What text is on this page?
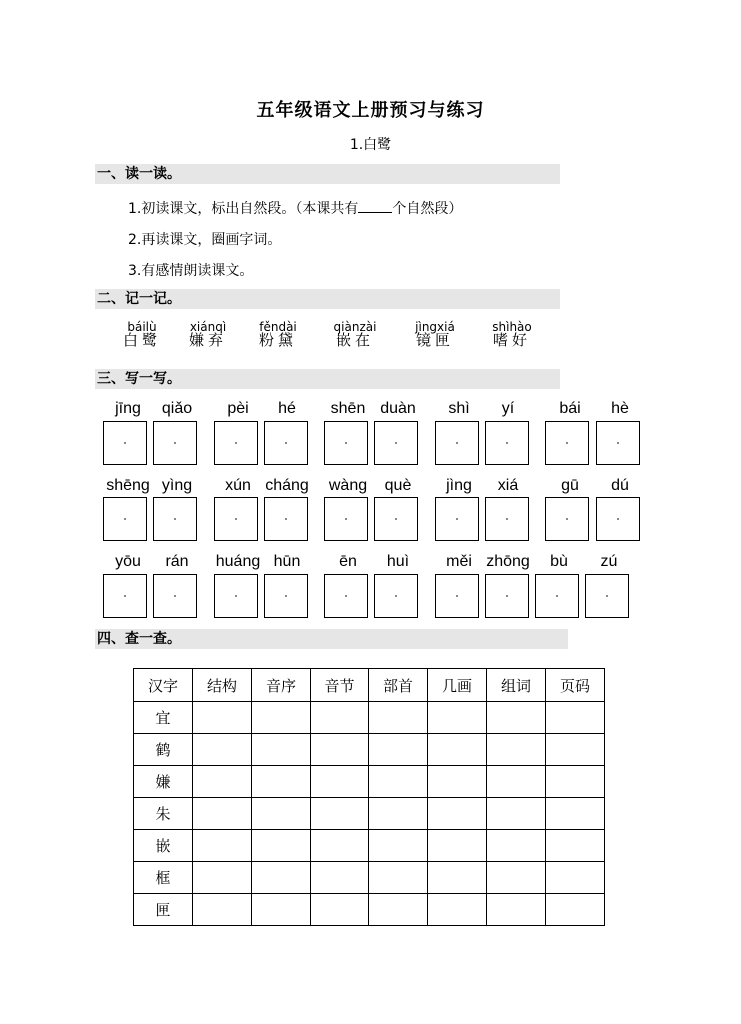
五年级语文上册预习与练习
1.白鹭
一、读一读。
1.初读课文，标出自然段。（本课共有 个自然段）
2.再读课文，圈画字词。
3.有感情朗读课文。
二、记一记。
báilù
白鹭
xiánqì
嫌弃
fěndài
粉黛
qiànzài
嵌在
jìngxiá
镜匣
shìhào
嗜好
三、写一写。
jīng	qiǎo	pèi	hé	shēn duàn	shì	yí	bái	hè
shēng yìng	xún cháng wàng	què	jìng	xiá	gū	dú
yōu	rán	huáng hūn	ēn	huì	měi zhōng	bù	zú
四、查一查。
汉字	结构	音序	音节	部首	几画	组词	页码
宜							
鹤							
嫌							
朱							
嵌							
框							
匣							
